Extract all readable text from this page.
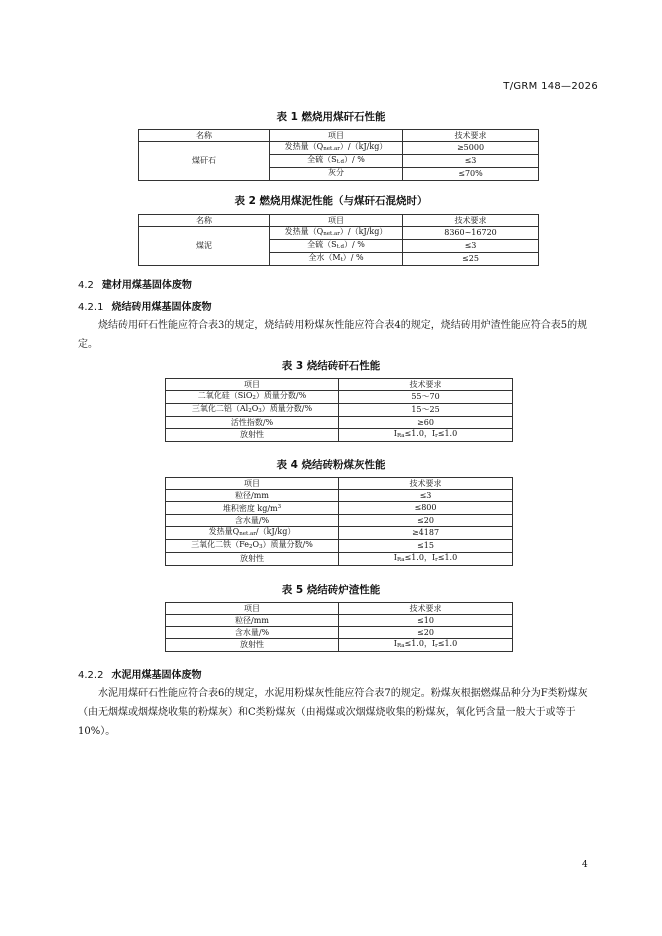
T/GRM 148—2026
表 1 燃烧用煤矸石性能
名称	项目	技术要求
煤矸石	发热量$(Q_{net.ar})/(kJ/kg)$	≥5000
	全硫$(S_{t.d})/$ %	≤3
	灰分	≤70%
表 2 燃烧用煤泥性能（与煤矸石混烧时）
名称	项目	技术要求
煤泥	发热量$(Q_{net.ar})/(kJ/kg)$	8360~16720
	全硫$(S_{t.d})/$ %	≤3
	全水$(M_t)/$ %	≤25
4.2 建材用煤基固体废物
4.2.1 烧结砖用煤基固体废物
烧结砖用矸石性能应符合表3的规定，烧结砖用粉煤灰性能应符合表4的规定，烧结砖用炉渣性能应符合表5的规定。
表 3 烧结砖矸石性能
项目	技术要求
二氧化硅（SiO$_2$）质量分数/%	55～70
三氧化二铝$(Al_2O_3)$质量分数/%	15～25
活性指数/%	≥60
放射性	$I_{Ra}\le 1.0$，$I_r\le 1.0$
表 4 烧结砖粉煤灰性能
项目	技术要求
粒径/mm	≤3
堆积密度 $kg/m^3$	≤800
含水量/%	≤20
发热量$Q_{net.ar}/(kJ/kg)$	≥4187
三氧化二铁$(Fe_2O_3)$质量分数/%	≤15
放射性	$I_{Ra}\le 1.0$，$I_r\le 1.0$
表 5 烧结砖炉渣性能
项目	技术要求
粒径/mm	≤10
含水量/%	≤20
放射性	$I_{Ra}\le 1.0$，$I_r\le 1.0$
4.2.2 水泥用煤基固体废物
水泥用煤矸石性能应符合表6的规定，水泥用粉煤灰性能应符合表7的规定。粉煤灰根据燃煤品种分为F类粉煤灰（由无烟煤或烟煤烧收集的粉煤灰）和C类粉煤灰（由褐煤或次烟煤烧收集的粉煤灰，氧化钙含量一般大于或等于10%）。
4
